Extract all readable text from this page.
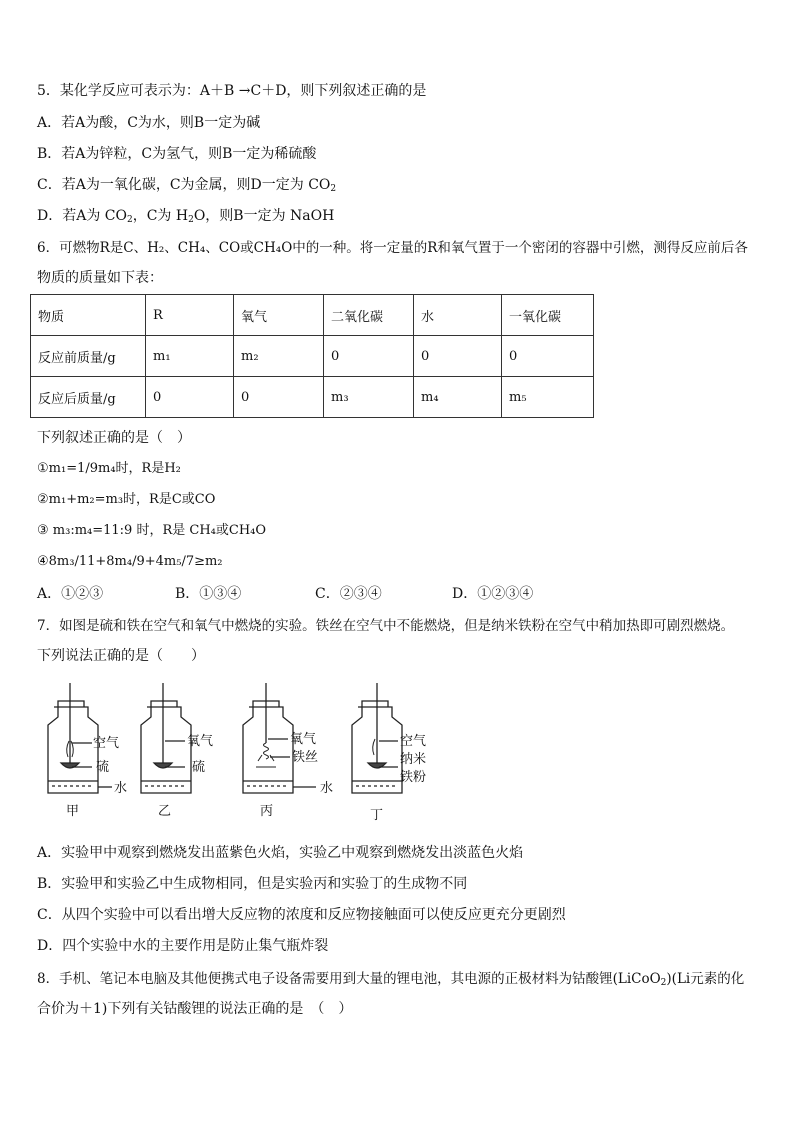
5．某化学反应可表示为：A＋B →C＋D，则下列叙述正确的是
A．若A为酸，C为水，则B一定为碱
B．若A为锌粒，C为氢气，则B一定为稀硫酸
C．若A为一氧化碳，C为金属，则D一定为 $CO_2$
D．若A为 $CO_2$，C为 $H_2O$，则B一定为 NaOH
6．可燃物R是C、H₂、CH₄、CO或CH₄O中的一种。将一定量的R和氧气置于一个密闭的容器中引燃，测得反应前后各
物质的质量如下表：
物质	R	氧气	二氧化碳	水	一氧化碳
反应前质量/g	m₁	m₂	0	0	0
反应后质量/g	0	0	m₃	m₄	m₅
下列叙述正确的是（　）
①m₁=1/9m₄时，R是H₂
②m₁+m₂=m₃时，R是C或CO
③ m₃:m₄=11:9 时，R是 CH₄或CH₄O
④8m₃/11+8m₄/9+4m₅/7≥m₂
A．①②③	B．①③④	C．②③④	D．①②③④
7．如图是硫和铁在空气和氧气中燃烧的实验。铁丝在空气中不能燃烧，但是纳米铁粉在空气中稍加热即可剧烈燃烧。
下列说法正确的是（　　）
空气
硫
水
氧气
硫
氧气
铁丝
水
空气
纳米
铁粉
甲	乙	丙	丁
A．实验甲中观察到燃烧发出蓝紫色火焰，实验乙中观察到燃烧发出淡蓝色火焰
B．实验甲和实验乙中生成物相同，但是实验丙和实验丁的生成物不同
C．从四个实验中可以看出增大反应物的浓度和反应物接触面可以使反应更充分更剧烈
D．四个实验中水的主要作用是防止集气瓶炸裂
8．手机、笔记本电脑及其他便携式电子设备需要用到大量的锂电池，其电源的正极材料为钴酸锂(LiCoO$_2$)(Li元素的化
合价为＋1)下列有关钴酸锂的说法正确的是　（　）
